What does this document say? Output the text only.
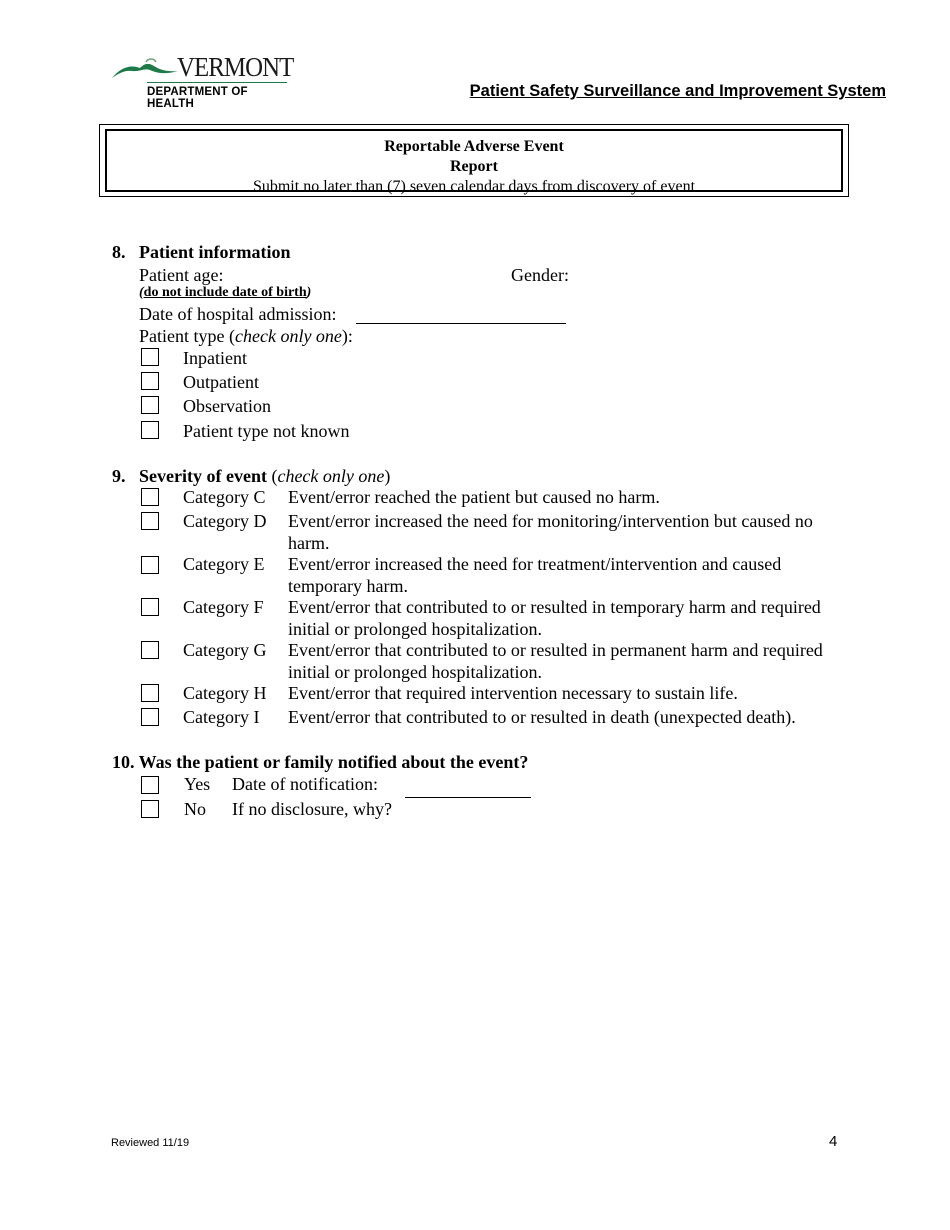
VERMONT
DEPARTMENT OF HEALTH
Patient Safety Surveillance and Improvement System
Reportable Adverse Event
Report
Submit no later than (7) seven calendar days from discovery of event
8. Patient information
Patient age:	Gender:
(do not include date of birth)
Date of hospital admission:
Patient type (check only one):
Inpatient
Outpatient
Observation
Patient type not known
9. Severity of event (check only one)
Category C Event/error reached the patient but caused no harm.
Category D Event/error increased the need for monitoring/intervention but caused no harm.
Category E Event/error increased the need for treatment/intervention and caused temporary harm.
Category F Event/error that contributed to or resulted in temporary harm and required initial or prolonged hospitalization.
Category G Event/error that contributed to or resulted in permanent harm and required initial or prolonged hospitalization.
Category H Event/error that required intervention necessary to sustain life.
Category I Event/error that contributed to or resulted in death (unexpected death).
10. Was the patient or family notified about the event?
Yes Date of notification:
No If no disclosure, why?
Reviewed 11/19	4
